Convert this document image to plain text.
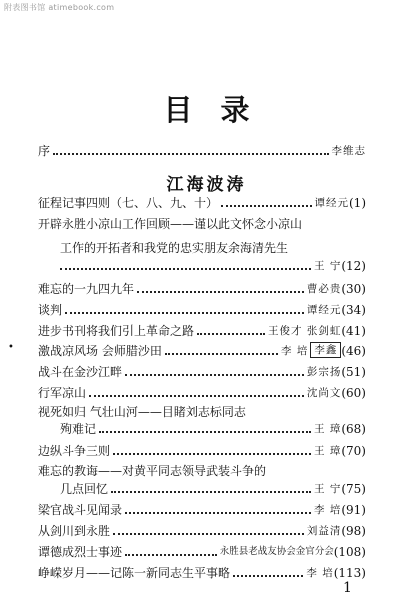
附表图书馆 atimebook.com
目录
序	李维志
江海波涛
征程记事四则（七、八、九、十）	谭经元 (1)
开辟永胜小凉山工作回顾——谨以此文怀念小凉山
工作的开拓者和我党的忠实朋友余海清先生
王 宁 (12)
难忘的一九四九年	曹必贵 (30)
谈判	谭经元 (34)
进步书刊将我们引上革命之路	王俊才 张剑虹 (41)
• 激战凉风场 会师腊沙田	李 培 李鑫 (46)
战斗在金沙江畔	彭宗扬 (51)
行军凉山	沈尚文 (60)
视死如归 气壮山河——目睹刘志标同志
殉难记	王 璋 (68)
边纵斗争三则	王 璋 (70)
难忘的教诲——对黄平同志领导武装斗争的
几点回忆	王 宁 (75)
梁官战斗见闻录	李 培 (91)
从剑川到永胜	刘益清 (98)
谭德成烈士事迹	永胜县老战友协会金官分会 (108)
峥嵘岁月——记陈一新同志生平事略	李 培 (113)
1
